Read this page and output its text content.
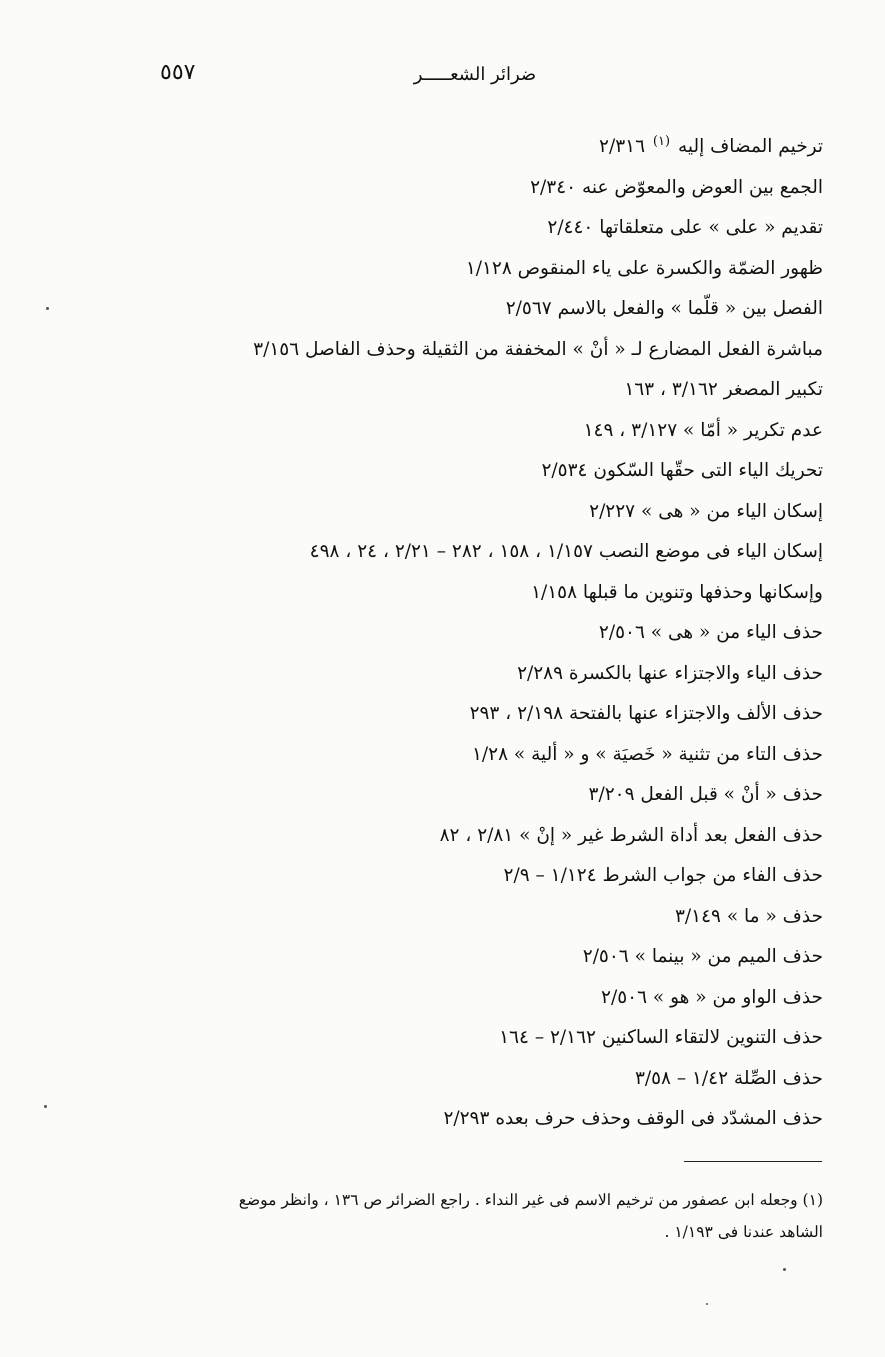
٥٥٧	ضرائر الشعـــــر
ترخيم المضاف إليه $^{(١)}$ ٢/٣١٦
الجمع بين العوض والمعوّض عنه ٢/٣٤٠
تقديم « على » على متعلقاتها ٢/٤٤٠
ظهور الضمّة والكسرة على ياء المنقوص ١/١٢٨
الفصل بين « قلّما » والفعل بالاسم ٢/٥٦٧
مباشرة الفعل المضارع لـ « أنْ » المخففة من الثقيلة وحذف الفاصل ٣/١٥٦
تكبير المصغر ٣/١٦٢ ، ١٦٣
عدم تكرير « أمّا » ٣/١٢٧ ، ١٤٩
تحريك الياء التى حقّها السّكون ٢/٥٣٤
إسكان الياء من « هى » ٢/٢٢٧
إسكان الياء فى موضع النصب ١/١٥٧ ، ١٥٨ ، ٢٨٢ – ٢/٢١ ، ٢٤ ، ٤٩٨
وإسكانها وحذفها وتنوين ما قبلها ١/١٥٨
حذف الياء من « هى » ٢/٥٠٦
حذف الياء والاجتزاء عنها بالكسرة ٢/٢٨٩
حذف الألف والاجتزاء عنها بالفتحة ٢/١٩٨ ، ٢٩٣
حذف التاء من تثنية « خَصيَة » و « ألية » ١/٢٨
حذف « أنْ » قبل الفعل ٣/٢٠٩
حذف الفعل بعد أداة الشرط غير « إنْ » ٢/٨١ ، ٨٢
حذف الفاء من جواب الشرط ١/١٢٤ – ٢/٩
حذف « ما » ٣/١٤٩
حذف الميم من « بينما » ٢/٥٠٦
حذف الواو من « هو » ٢/٥٠٦
حذف التنوين لالتقاء الساكنين ٢/١٦٢ – ١٦٤
حذف الصِّلة ١/٤٢ – ٣/٥٨
حذف المشدّد فى الوقف وحذف حرف بعده ٢/٢٩٣

(١) وجعله ابن عصفور من ترخيم الاسم فى غير النداء . راجع الضرائر ص ١٣٦ ، وانظر موضع

الشاهد عندنا فى ١/١٩٣ .
